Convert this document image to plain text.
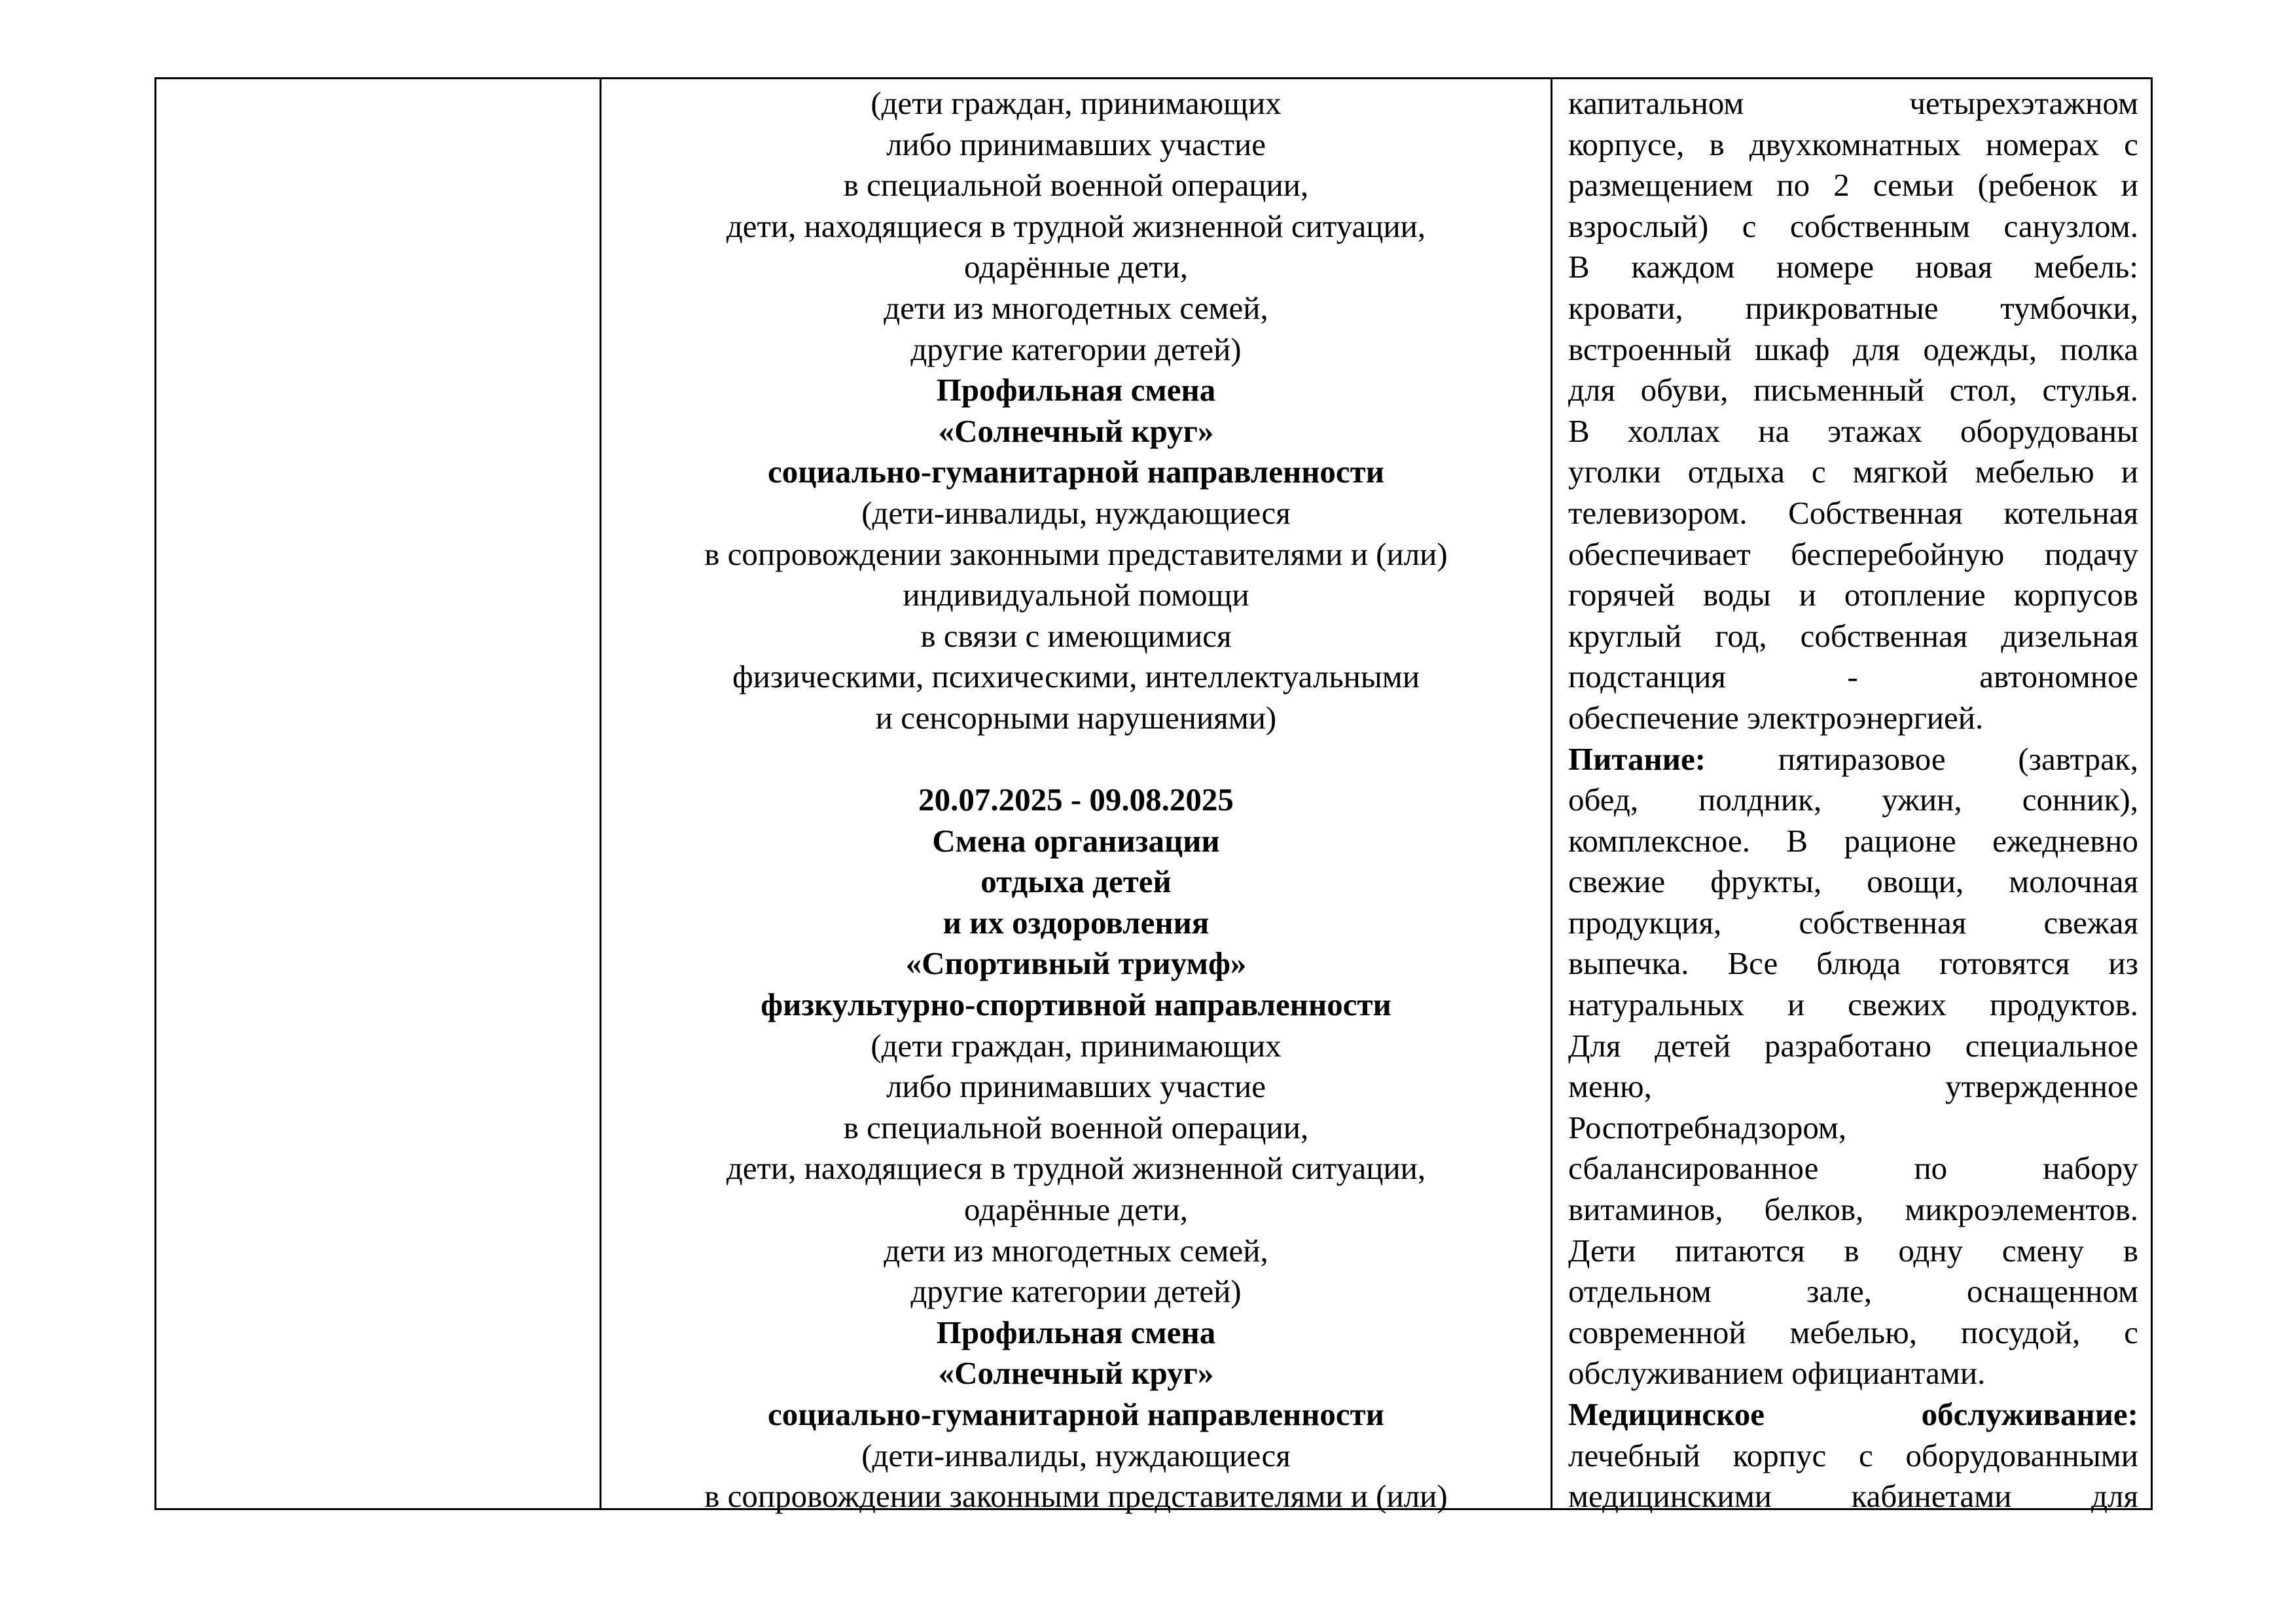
(дети граждан, принимающих
либо принимавших участие
в специальной военной операции,
дети, находящиеся в трудной жизненной ситуации,
одарённые дети,
дети из многодетных семей,
другие категории детей)
Профильная смена
«Солнечный круг»
социально-гуманитарной направленности
(дети-инвалиды, нуждающиеся
в сопровождении законными представителями и (или)
индивидуальной помощи
в связи с имеющимися
физическими, психическими, интеллектуальными
и сенсорными нарушениями)
20.07.2025 - 09.08.2025
Смена организации
отдыха детей
и их оздоровления
«Спортивный триумф»
физкультурно-спортивной направленности
(дети граждан, принимающих
либо принимавших участие
в специальной военной операции,
дети, находящиеся в трудной жизненной ситуации,
одарённые дети,
дети из многодетных семей,
другие категории детей)
Профильная смена
«Солнечный круг»
социально-гуманитарной направленности
(дети-инвалиды, нуждающиеся
в сопровождении законными представителями и (или)
капитальном четырехэтажном
корпусе, в двухкомнатных номерах с
размещением по 2 семьи (ребенок и
взрослый) с собственным санузлом.
В каждом номере новая мебель:
кровати, прикроватные тумбочки,
встроенный шкаф для одежды, полка
для обуви, письменный стол, стулья.
В холлах на этажах оборудованы
уголки отдыха с мягкой мебелью и
телевизором. Собственная котельная
обеспечивает бесперебойную подачу
горячей воды и отопление корпусов
круглый год, собственная дизельная
подстанция - автономное
обеспечение электроэнергией.
Питание: пятиразовое (завтрак,
обед, полдник, ужин, сонник),
комплексное. В рационе ежедневно
свежие фрукты, овощи, молочная
продукция, собственная свежая
выпечка. Все блюда готовятся из
натуральных и свежих продуктов.
Для детей разработано специальное
меню, утвержденное
Роспотребнадзором,
сбалансированное по набору
витаминов, белков, микроэлементов.
Дети питаются в одну смену в
отдельном зале, оснащенном
современной мебелью, посудой, с
обслуживанием официантами.
Медицинское обслуживание:
лечебный корпус с оборудованными
медицинскими кабинетами для
